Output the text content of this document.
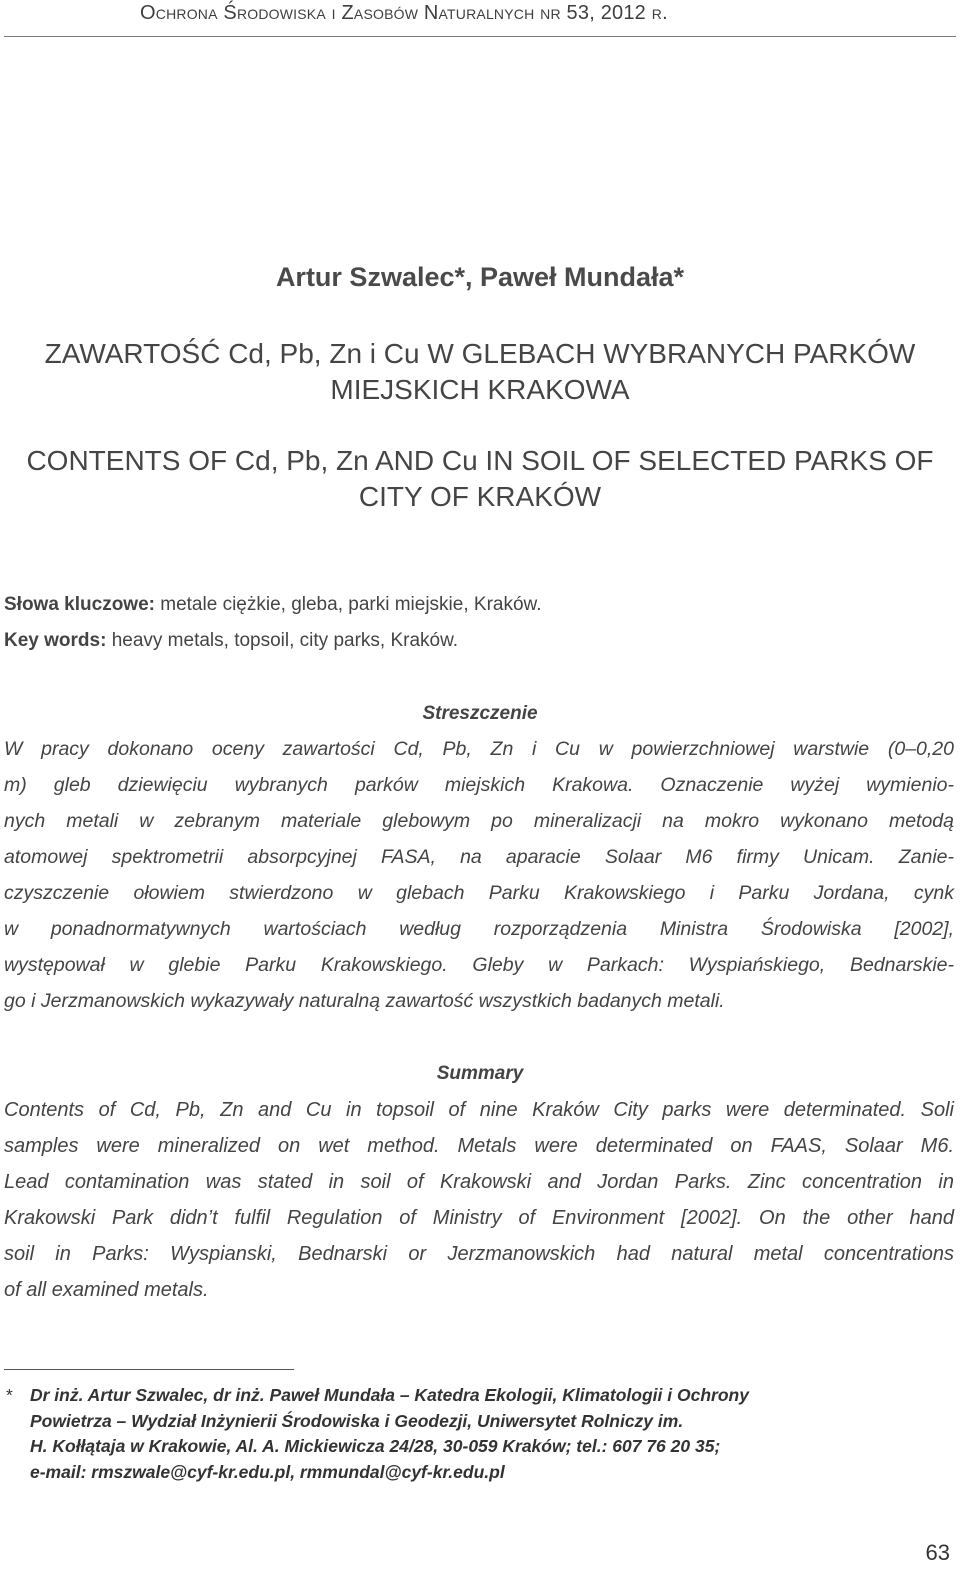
Ochrona Środowiska i Zasobów Naturalnych nr 53, 2012 r.
Artur Szwalec*, Paweł Mundała*
ZAWARTOŚĆ Cd, Pb, Zn i Cu W GLEBACH WYBRANYCH PARKÓW
MIEJSKICH KRAKOWA
CONTENTS OF Cd, Pb, Zn AND Cu IN SOIL OF SELECTED PARKS OF
CITY OF KRAKÓW
Słowa kluczowe: metale ciężkie, gleba, parki miejskie, Kraków.
Key words: heavy metals, topsoil, city parks, Kraków.
Streszczenie
W pracy dokonano oceny zawartości Cd, Pb, Zn i Cu w powierzchniowej warstwie (0–0,20
m) gleb dziewięciu wybranych parków miejskich Krakowa. Oznaczenie wyżej wymienio-
nych metali w zebranym materiale glebowym po mineralizacji na mokro wykonano metodą
atomowej spektrometrii absorpcyjnej FASA, na aparacie Solaar M6 firmy Unicam. Zanie-
czyszczenie ołowiem stwierdzono w glebach Parku Krakowskiego i Parku Jordana, cynk
w ponadnormatywnych wartościach według rozporządzenia Ministra Środowiska [2002],
występował w glebie Parku Krakowskiego. Gleby w Parkach: Wyspiańskiego, Bednarskie-
go i Jerzmanowskich wykazywały naturalną zawartość wszystkich badanych metali.
Summary
Contents of Cd, Pb, Zn and Cu in topsoil of nine Kraków City parks were determinated. Soli
samples were mineralized on wet method. Metals were determinated on FAAS, Solaar M6.
Lead contamination was stated in soil of Krakowski and Jordan Parks. Zinc concentration in
Krakowski Park didn’t fulfil Regulation of Ministry of Environment [2002]. On the other hand
soil in Parks: Wyspianski, Bednarski or Jerzmanowskich had natural metal concentrations
of all examined metals.
* Dr inż. Artur Szwalec, dr inż. Paweł Mundała – Katedra Ekologii, Klimatologii i Ochrony
Powietrza – Wydział Inżynierii Środowiska i Geodezji, Uniwersytet Rolniczy im.
H. Kołłątaja w Krakowie, Al. A. Mickiewicza 24/28, 30-059 Kraków; tel.: 607 76 20 35;
e-mail: rmszwale@cyf-kr.edu.pl, rmmundal@cyf-kr.edu.pl
63
